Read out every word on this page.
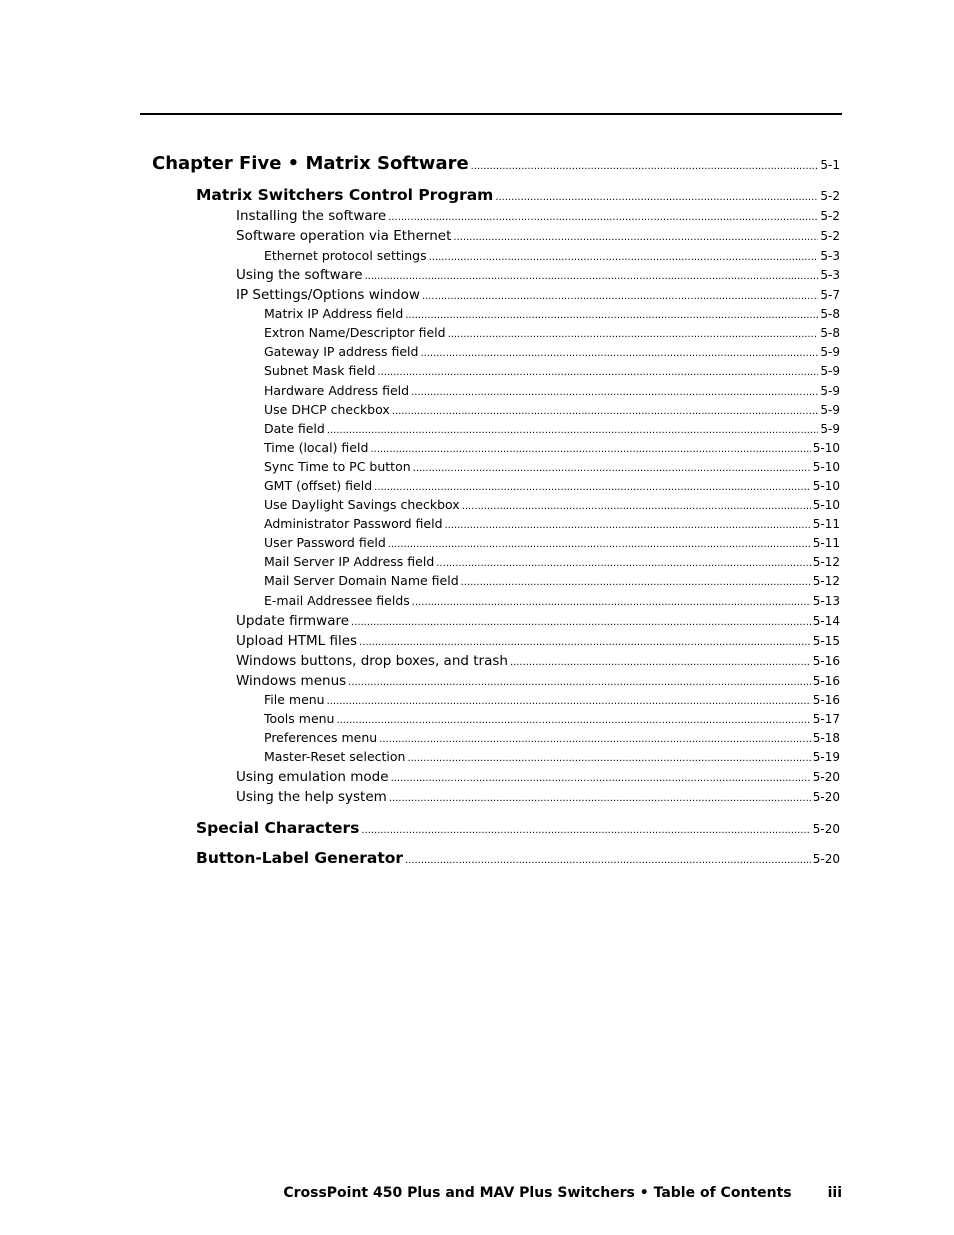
Chapter Five • Matrix Software . . .	5-1
Matrix Switchers Control Program . . .	5-2
Installing the software . . .	5-2
Software operation via Ethernet . . .	5-2
Ethernet protocol settings . . .	5-3
Using the software . . .	5-3
IP Settings/Options window . . .	5-7
Matrix IP Address field . . .	5-8
Extron Name/Descriptor field . . .	5-8
Gateway IP address field . . .	5-9
Subnet Mask field . . .	5-9
Hardware Address field . . .	5-9
Use DHCP checkbox . . .	5-9
Date field . . .	5-9
Time (local) field . . .	5-10
Sync Time to PC button . . .	5-10
GMT (offset) field . . .	5-10
Use Daylight Savings checkbox . . .	5-10
Administrator Password field . . .	5-11
User Password field . . .	5-11
Mail Server IP Address field . . .	5-12
Mail Server Domain Name field . . .	5-12
E-mail Addressee fields . . .	5-13
Update firmware . . .	5-14
Upload HTML files . . .	5-15
Windows buttons, drop boxes, and trash . . .	5-16
Windows menus . . .	5-16
File menu . . .	5-16
Tools menu . . .	5-17
Preferences menu . . .	5-18
Master-Reset selection . . .	5-19
Using emulation mode . . .	5-20
Using the help system . . .	5-20
Special Characters . . .	5-20
Button-Label Generator . . .	5-20
CrossPoint 450 Plus and MAV Plus Switchers • Table of Contents	iii
